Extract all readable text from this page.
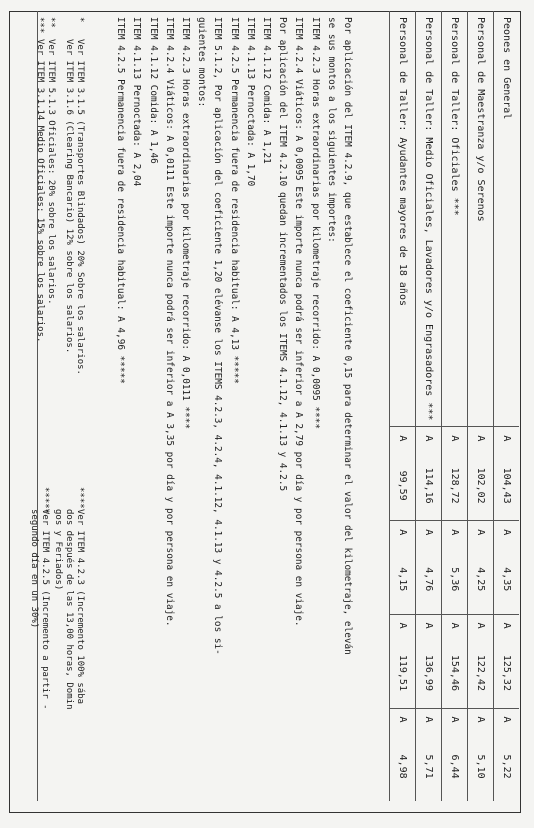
Peones en General	A	104,43	A	4,35	A	125,32	A	5,22
Personal de Maestranza y/o Serenos	A	102,02	A	4,25	A	122,42	A	5,10
Personal de Taller: Oficiales ***	A	128,72	A	5,36	A	154,46	A	6,44
Personal de Taller: Medio Oficiales, Lavadores y/o Engrasadores ***	A	114,16	A	4,76	A	136,99	A	5,71
Personal de Taller: Ayudantes mayores de 18 años	A	99,59	A	4,15	A	119,51	A	4,98

Por aplicación del ITEM 4.2.9, que establece el coeficiente 0,15 para determinar el valor del kilometraje, eleván

se sus montos a los siguientes importes:

ITEM 4.2.3 Horas extraordinarias por kilometraje recorrido: A 0,0095 ****

ITEM 4.2.4 Viáticos: A 0,0095 Este importe nunca podrá ser inferior a A 2,79 por día y por persona en viaje.

Por aplicación del ITEM 4.2.10 quedan incrementados los ITEMS 4.1.12, 4.1.13 y 4.2.5

ITEM 4.1.12 Comida: A 1,21

ITEM 4.1.13 Pernoctada: A 1,70

ITEM 4.2.5 Permanencia fuera de residencia habitual: A 4,13 *****

ITEM 5.1.2, Por aplicación del coeficiente 1,20 elévanse los ITEMS 4.2.3, 4.2.4, 4.1.12, 4.1.13 y 4.2.5 a los si-

guientes montos:

ITEM 4.2.3 Horas extraordinarias por kilometraje recorrido: A 0,0111 ****

ITEM 4.2.4 Viáticos: A 0,0111 Este importe nunca podrá ser inferior a A 3,35 por día y por persona en viaje.

ITEM 4.1.12 Comida: A 1,46

ITEM 4.1.13 Pernoctada: A 2,04

ITEM 4.2.5 Permanencia fuera de residencia habitual: A 4,96 *****

*Ver ITEM 3.1.5 (Transportes Blindados) 20% Sobre los salarios.
Ver ITEM 3.1.6 (Clearing Bancario) 12% sobre los salarios.
**Ver ITEM 5.1.3 Oficiales: 20% sobre los salarios.
***Ver ITEM 3.1.14 Medio Oficiales: 15% sobre los salarios.
****Ver ITEM 4.2.3 (Incremento 100% sába
dos después de las 13,00 horas, Domin
gos y Feriados)
*****Ver ITEM 4.2.5 (Incremento a partir -
segundo día en un 30%)
